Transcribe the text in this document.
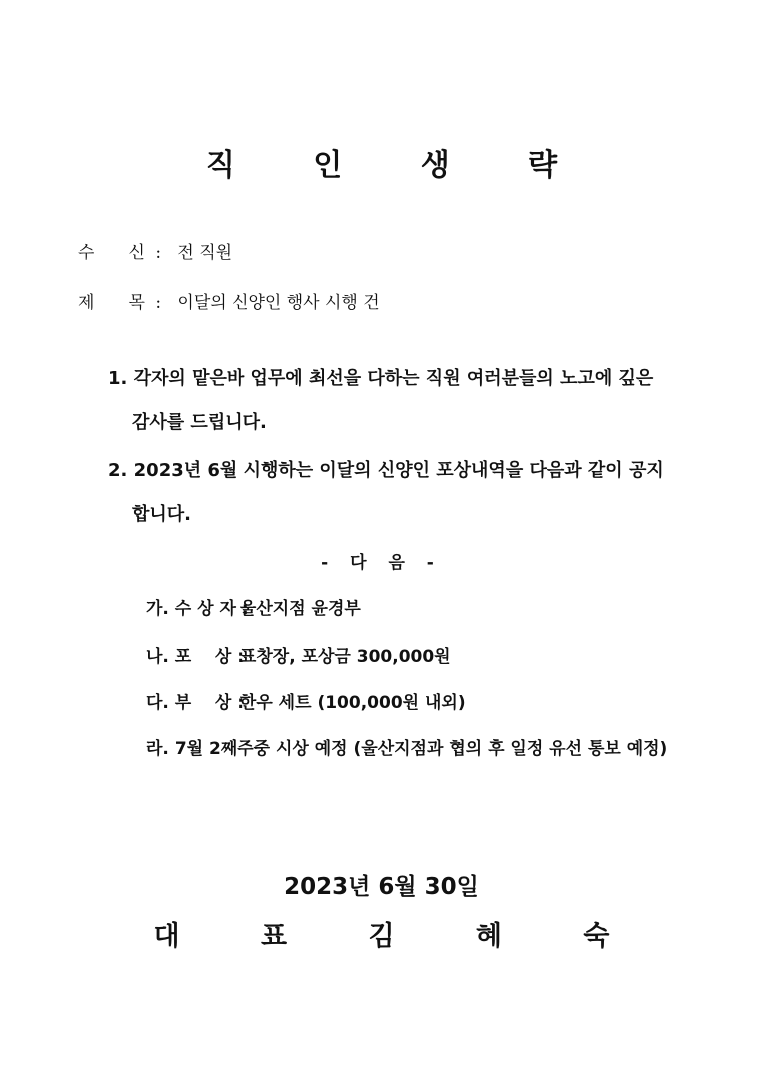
직 인 생 략
수 신 : 전 직원
제 목 : 이달의 신양인 행사 시행 건
1. 각자의 맡은바 업무에 최선을 다하는 직원 여러분들의 노고에 깊은
감사를 드립니다.
2. 2023년 6월 시행하는 이달의 신양인 포상내역을 다음과 같이 공지
합니다.
- 다 음 -
가. 수 상 자 : 울산지점 윤경부
나. 포    상 : 표창장, 포상금 300,000원
다. 부    상 : 한우 세트 (100,000원 내외)
라. 7월 2째주중 시상 예정 (울산지점과 협의 후 일정 유선 통보 예정)
2023년 6월 30일
대 표 김 혜 숙
